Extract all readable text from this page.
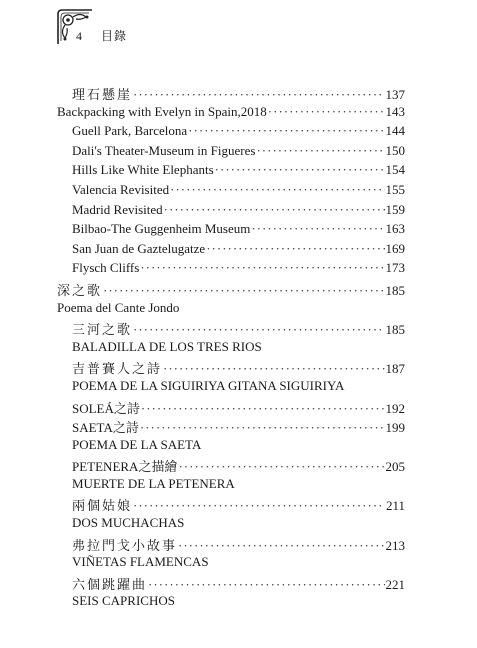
4 目錄
理石懸崖 ·····	137
Backpacking with Evelyn in Spain,2018 ·····	143
Guell Park, Barcelona ·····	144
Dali's Theater-Museum in Figueres ·····	150
Hills Like White Elephants ·····	154
Valencia Revisited ·····	155
Madrid Revisited ·····	159
Bilbao-The Guggenheim Museum ·····	163
San Juan de Gaztelugatze ·····	169
Flysch Cliffs ·····	173
深之歌 ·····	185
Poema del Cante Jondo
三河之歌 ·····	185
BALADILLA DE LOS TRES RIOS
吉普賽人之詩 ·····	187
POEMA DE LA SIGUIRIYA GITANA SIGUIRIYA
SOLEÁ之詩 ·····	192
SAETA之詩 ·····	199
POEMA DE LA SAETA
PETENERA之描繪 ·····	205
MUERTE DE LA PETENERA
兩個姑娘 ·····	211
DOS MUCHACHAS
弗拉門戈小故事 ·····	213
VIÑETAS FLAMENCAS
六個跳躍曲 ·····	221
SEIS CAPRICHOS
